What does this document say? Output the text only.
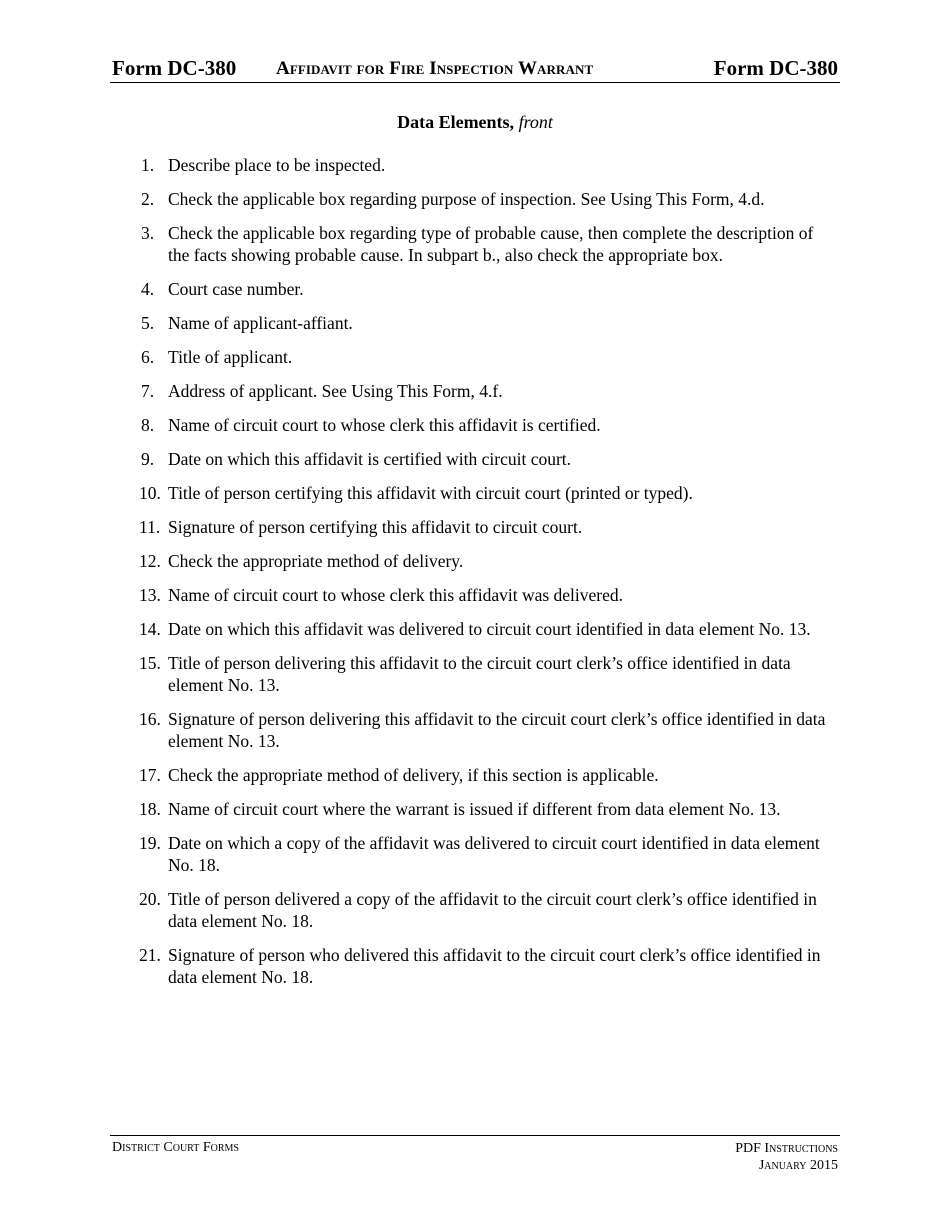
Form DC-380 Affidavit for Fire Inspection Warrant	Form DC-380
Data Elements, front
1. Describe place to be inspected.
2. Check the applicable box regarding purpose of inspection. See Using This Form, 4.d.
3. Check the applicable box regarding type of probable cause, then complete the description of the facts showing probable cause. In subpart b., also check the appropriate box.
4. Court case number.
5. Name of applicant-affiant.
6. Title of applicant.
7. Address of applicant. See Using This Form, 4.f.
8. Name of circuit court to whose clerk this affidavit is certified.
9. Date on which this affidavit is certified with circuit court.
10. Title of person certifying this affidavit with circuit court (printed or typed).
11. Signature of person certifying this affidavit to circuit court.
12. Check the appropriate method of delivery.
13. Name of circuit court to whose clerk this affidavit was delivered.
14. Date on which this affidavit was delivered to circuit court identified in data element No. 13.
15. Title of person delivering this affidavit to the circuit court clerk’s office identified in data element No. 13.
16. Signature of person delivering this affidavit to the circuit court clerk’s office identified in data element No. 13.
17. Check the appropriate method of delivery, if this section is applicable.
18. Name of circuit court where the warrant is issued if different from data element No. 13.
19. Date on which a copy of the affidavit was delivered to circuit court identified in data element No. 18.
20. Title of person delivered a copy of the affidavit to the circuit court clerk’s office identified in data element No. 18.
21. Signature of person who delivered this affidavit to the circuit court clerk’s office identified in data element No. 18.
District Court Forms	PDF Instructions
January 2015
